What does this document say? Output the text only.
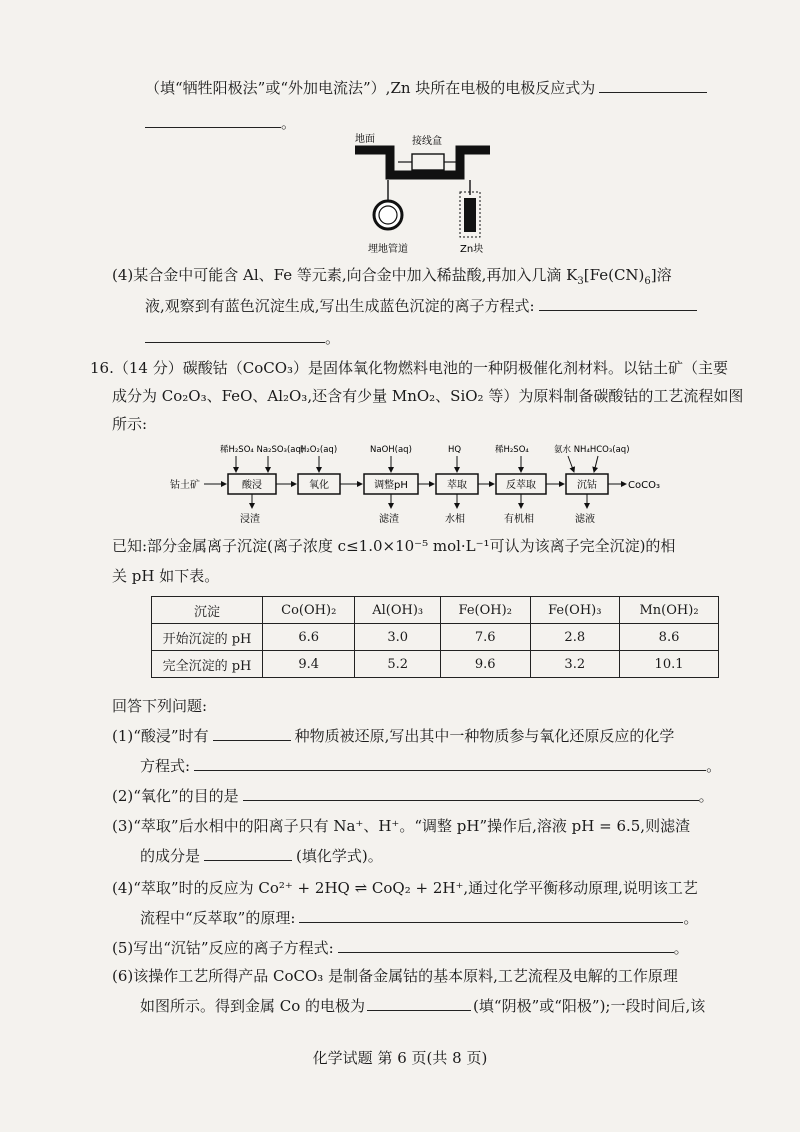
（填“牺牲阳极法”或“外加电流法”）,Zn 块所在电极的电极反应式为
。
地面	接线盒
埋地管道	Zn块
(4)某合金中可能含 Al、Fe 等元素,向合金中加入稀盐酸,再加入几滴 $K_3[Fe(CN)_6]$溶
液,观察到有蓝色沉淀生成,写出生成蓝色沉淀的离子方程式:
。
16.（14 分）碳酸钴（CoCO₃）是固体氧化物燃料电池的一种阴极催化剂材料。以钴土矿（主要
成分为 Co₂O₃、FeO、Al₂O₃,还含有少量 MnO₂、SiO₂ 等）为原料制备碳酸钴的工艺流程如图
所示:
钴土矿	酸浸	氧化	调整pH	萃取	反萃取	沉钴	CoCO₃
稀H₂SO₄ Na₂SO₃(aq)
H₂O₂(aq)	NaOH(aq)	HQ	稀H₂SO₄	氨水 NH₄HCO₃(aq)
浸渣	滤渣	水相	有机相	滤液
已知:部分金属离子沉淀(离子浓度 c≤1.0×10⁻⁵ mol·L⁻¹可认为该离子完全沉淀)的相
关 pH 如下表。
沉淀	Co(OH)₂	Al(OH)₃	Fe(OH)₂	Fe(OH)₃	Mn(OH)₂
开始沉淀的 pH	6.6	3.0	7.6	2.8	8.6
完全沉淀的 pH	9.4	5.2	9.6	3.2	10.1
回答下列问题:
(1)“酸浸”时有	种物质被还原,写出其中一种物质参与氧化还原反应的化学
方程式:	。
(2)“氧化”的目的是	。
(3)“萃取”后水相中的阳离子只有 Na⁺、H⁺。“调整 pH”操作后,溶液 pH = 6.5,则滤渣
的成分是	(填化学式)。
(4)“萃取”时的反应为 Co²⁺ + 2HQ ⇌ CoQ₂ + 2H⁺,通过化学平衡移动原理,说明该工艺
流程中“反萃取”的原理:	。
(5)写出“沉钴”反应的离子方程式:	。
(6)该操作工艺所得产品 CoCO₃ 是制备金属钴的基本原料,工艺流程及电解的工作原理
如图所示。得到金属 Co 的电极为	(填“阴极”或“阳极”);一段时间后,该
化学试题 第 6 页(共 8 页)
